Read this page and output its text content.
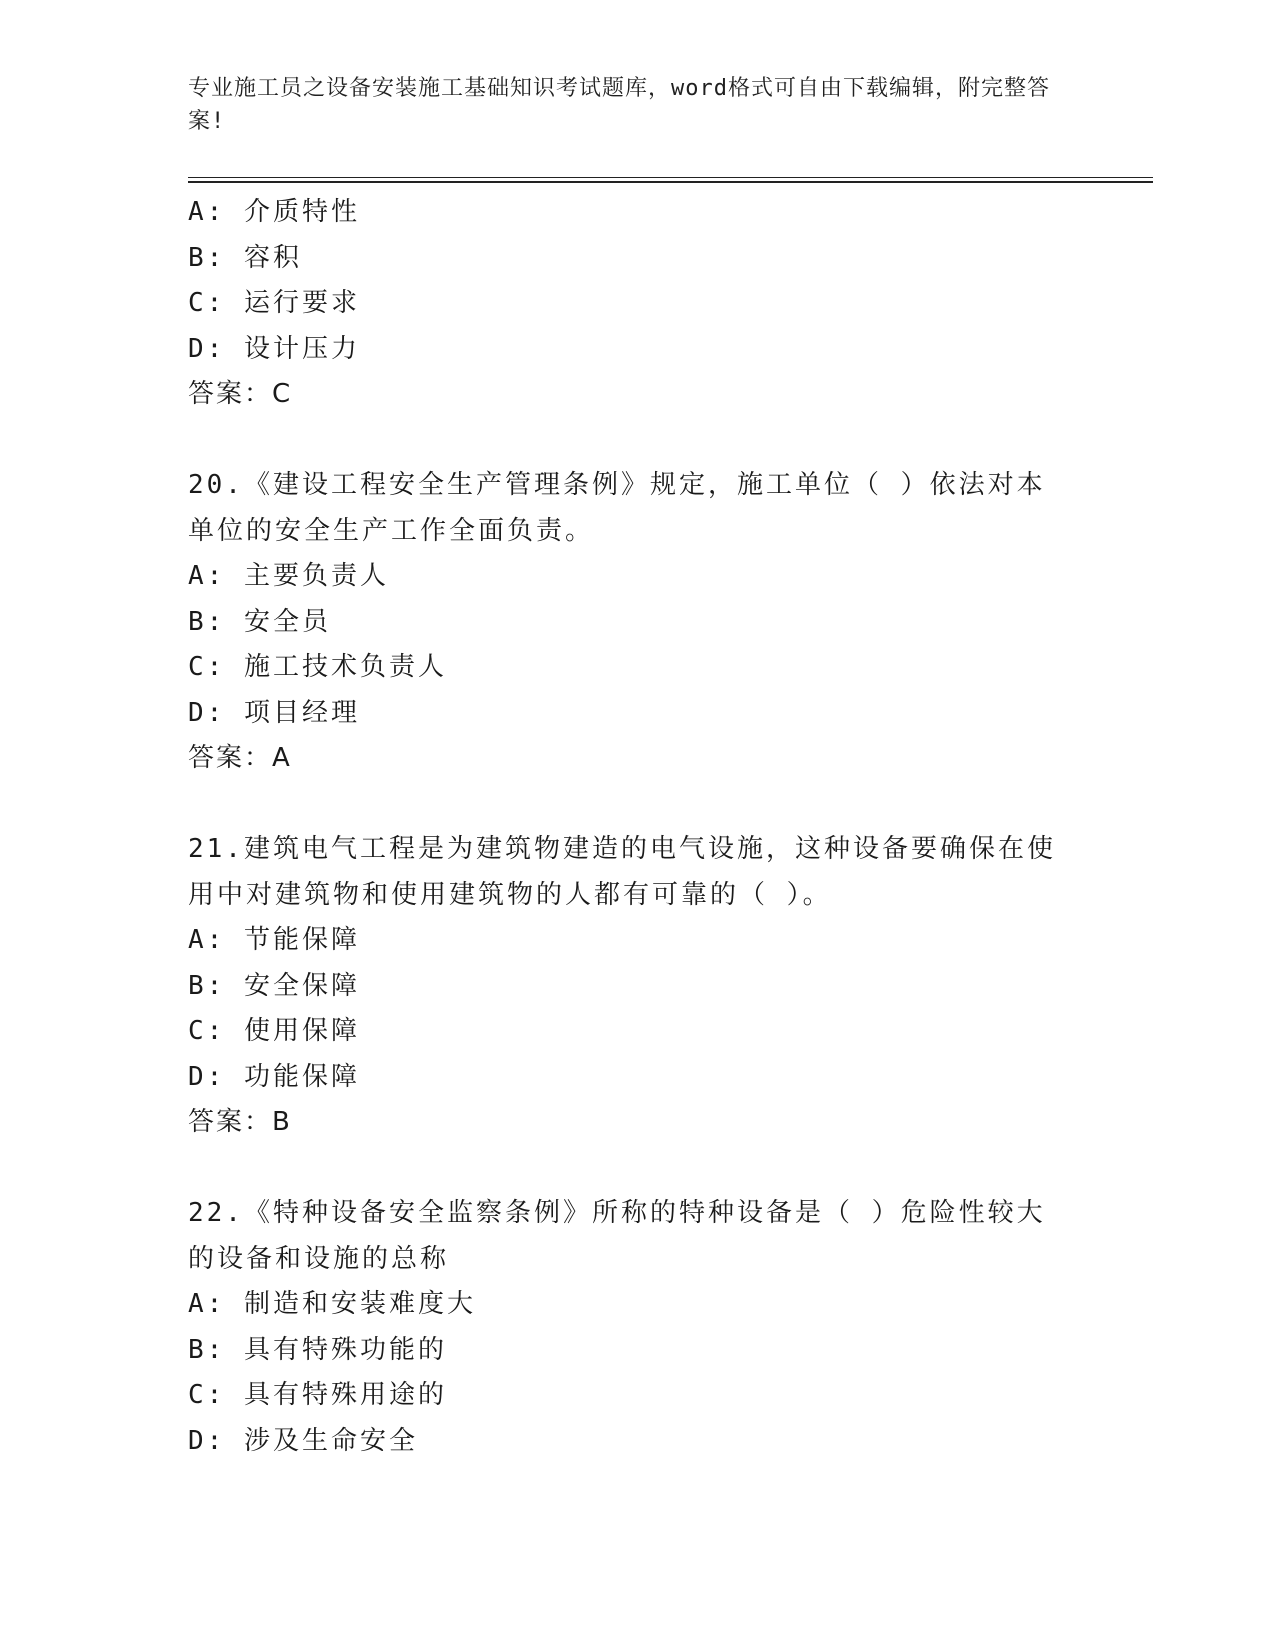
专业施工员之设备安装施工基础知识考试题库，word格式可自由下载编辑，附完整答案!
A: 介质特性
B: 容积
C: 运行要求
D: 设计压力
答案：C
20.《建设工程安全生产管理条例》规定，施工单位（ ）依法对本单位的安全生产工作全面负责。
A: 主要负责人
B: 安全员
C: 施工技术负责人
D: 项目经理
答案：A
21.建筑电气工程是为建筑物建造的电气设施，这种设备要确保在使用中对建筑物和使用建筑物的人都有可靠的（ ）。
A: 节能保障
B: 安全保障
C: 使用保障
D: 功能保障
答案：B
22.《特种设备安全监察条例》所称的特种设备是（ ）危险性较大的设备和设施的总称
A: 制造和安装难度大
B: 具有特殊功能的
C: 具有特殊用途的
D: 涉及生命安全
